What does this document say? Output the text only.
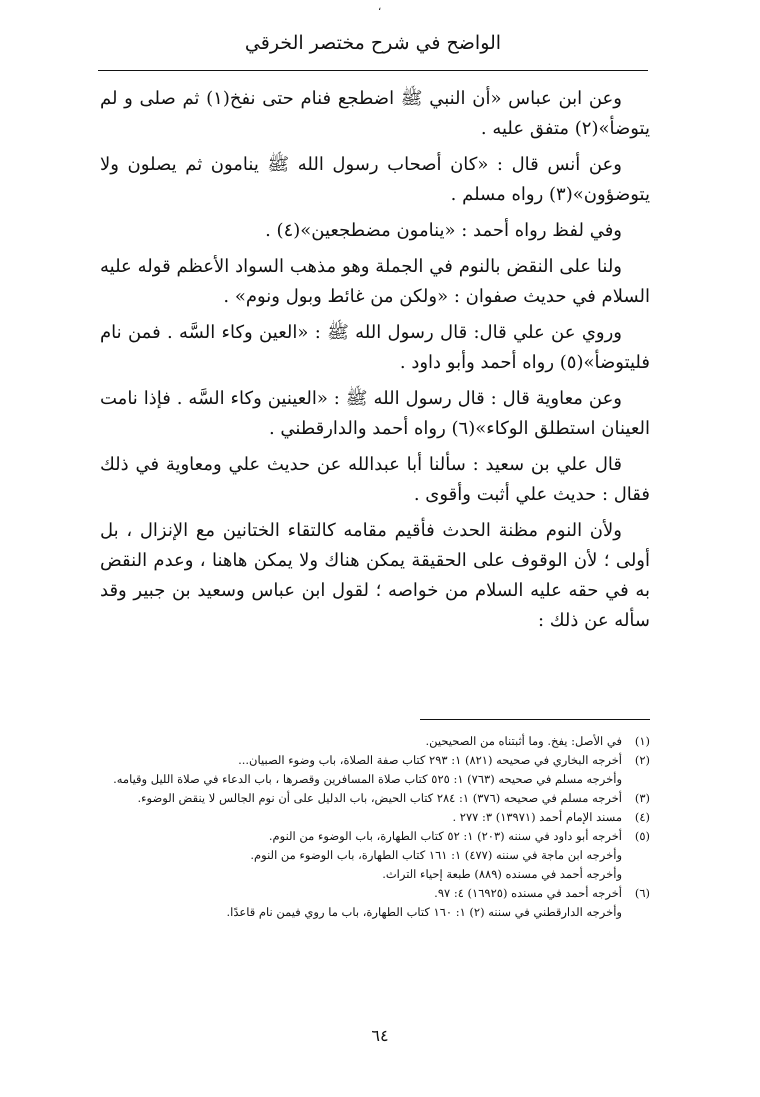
،
الواضح في شرح مختصر الخرقي

وعن ابن عباس «أن النبي ﷺ اضطجع فنام حتى نفخ(١) ثم صلى و لم يتوضأ»(٢) متفق عليه .

وعن أنس قال : «كان أصحاب رسول الله ﷺ ينامون ثم يصلون ولا يتوضؤون»(٣) رواه مسلم .

وفي لفظ رواه أحمد : «ينامون مضطجعين»(٤) .

ولنا على النقض بالنوم في الجملة وهو مذهب السواد الأعظم قوله عليه السلام في حديث صفوان : «ولكن من غائط وبول ونوم» .

وروي عن علي قال: قال رسول الله ﷺ : «العين وكاء السَّه . فمن نام فليتوضأ»(٥) رواه أحمد وأبو داود .

وعن معاوية قال : قال رسول الله ﷺ : «العينين وكاء السَّه . فإذا نامت العينان استطلق الوكاء»(٦) رواه أحمد والدارقطني .

قال علي بن سعيد : سألنا أبا عبدالله عن حديث علي ومعاوية في ذلك فقال : حديث علي أثبت وأقوى .

ولأن النوم مظنة الحدث فأقيم مقامه كالتقاء الختانين مع الإنزال ، بل أولى ؛ لأن الوقوف على الحقيقة يمكن هناك ولا يمكن هاهنا ، وعدم النقض به في حقه عليه السلام من خواصه ؛ لقول ابن عباس وسعيد بن جبير وقد سأله عن ذلك :

(١)
في الأصل: يفخ. وما أثبتناه من الصحيحين.

(٢)
أخرجه البخاري في صحيحه (٨٢١) ١: ٢٩٣ كتاب صفة الصلاة، باب وضوء الصبيان...

وأخرجه مسلم في صحيحه (٧٦٣) ١: ٥٢٥ كتاب صلاة المسافرين وقصرها ، باب الدعاء في صلاة الليل وقيامه.

(٣)
أخرجه مسلم في صحيحه (٣٧٦) ١: ٢٨٤ كتاب الحيض، باب الدليل على أن نوم الجالس لا ينقض الوضوء.

(٤)
مسند الإمام أحمد (١٣٩٧١) ٣: ٢٧٧ .

(٥)
أخرجه أبو داود في سننه (٢٠٣) ١: ٥٢ كتاب الطهارة، باب الوضوء من النوم.

وأخرجه ابن ماجة في سننه (٤٧٧) ١: ١٦١ كتاب الطهارة، باب الوضوء من النوم.

وأخرجه أحمد في مسنده (٨٨٩) طبعة إحياء التراث.

(٦)
أخرجه أحمد في مسنده (١٦٩٢٥) ٤: ٩٧.

وأخرجه الدارقطني في سننه (٢) ١: ١٦٠ كتاب الطهارة، باب ما روي فيمن نام قاعدًا.

٦٤
